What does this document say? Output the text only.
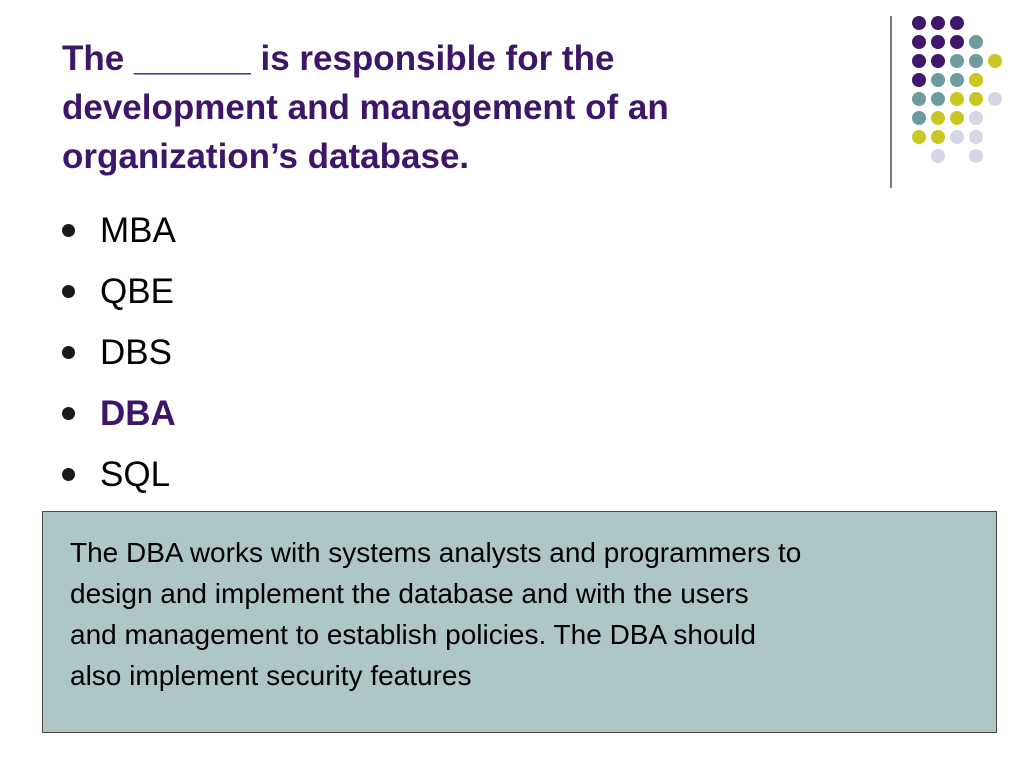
The ______ is responsible for the
development and management of an
organization’s database.
MBA
QBE
DBS
DBA
SQL

The DBA works with systems analysts and programmers to
design and implement the database and with the users
and management to establish policies. The DBA should
also implement security features
